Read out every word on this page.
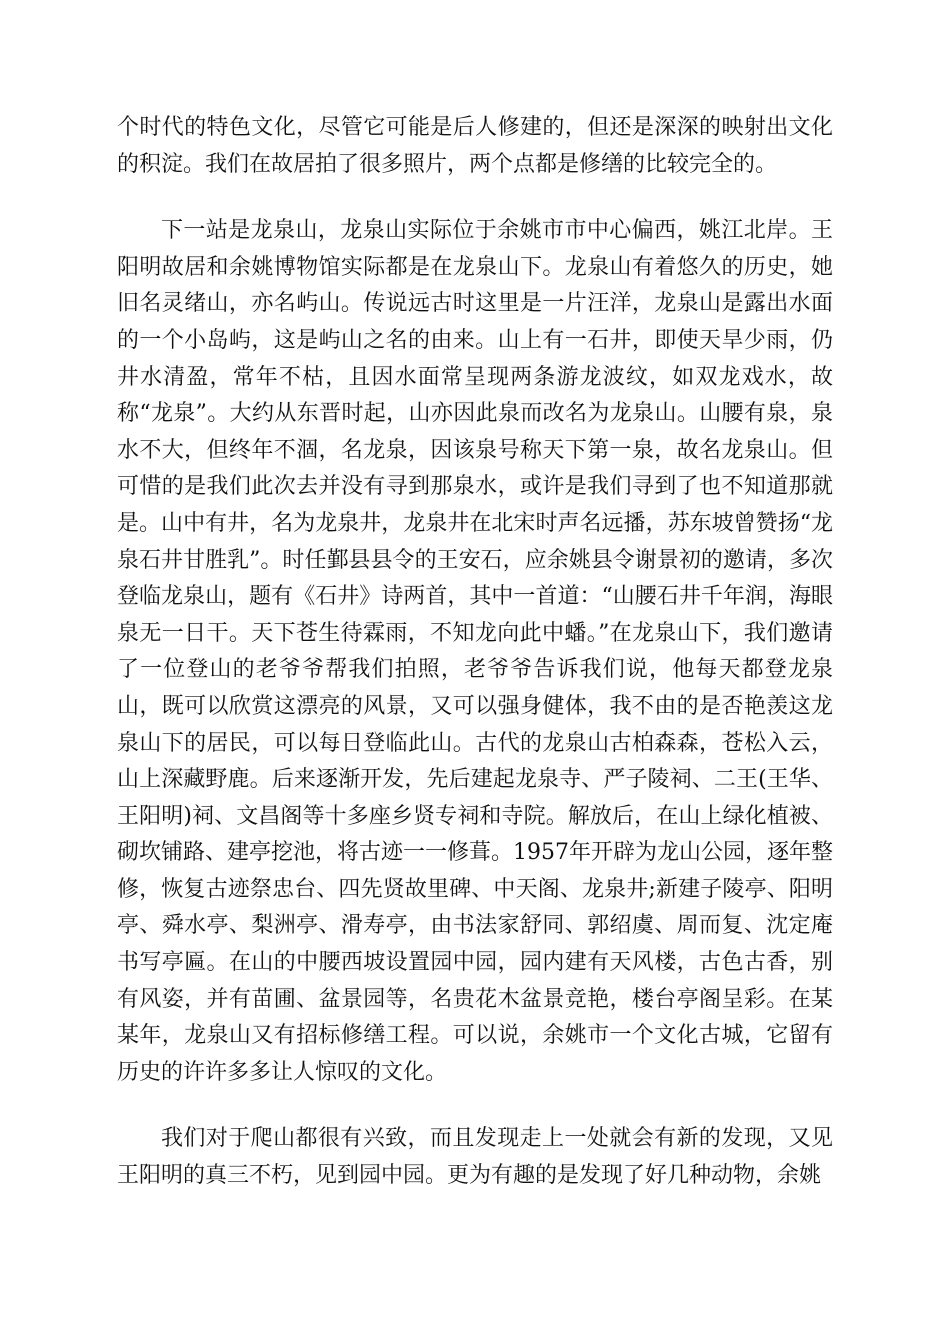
个时代的特色文化，尽管它可能是后人修建的，但还是深深的映射出文化的积淀。我们在故居拍了很多照片，两个点都是修缮的比较完全的。

下一站是龙泉山，龙泉山实际位于余姚市市中心偏西，姚江北岸。王阳明故居和余姚博物馆实际都是在龙泉山下。龙泉山有着悠久的历史，她旧名灵绪山，亦名屿山。传说远古时这里是一片汪洋，龙泉山是露出水面的一个小岛屿，这是屿山之名的由来。山上有一石井，即使天旱少雨，仍井水清盈，常年不枯，且因水面常呈现两条游龙波纹，如双龙戏水，故称“龙泉”。大约从东晋时起，山亦因此泉而改名为龙泉山。山腰有泉，泉水不大，但终年不涸，名龙泉，因该泉号称天下第一泉，故名龙泉山。但可惜的是我们此次去并没有寻到那泉水，或许是我们寻到了也不知道那就是。山中有井，名为龙泉井，龙泉井在北宋时声名远播，苏东坡曾赞扬“龙泉石井甘胜乳”。时任鄞县县令的王安石，应余姚县令谢景初的邀请，多次登临龙泉山，题有《石井》诗两首，其中一首道：“山腰石井千年润，海眼泉无一日干。天下苍生待霖雨，不知龙向此中蟠。”在龙泉山下，我们邀请了一位登山的老爷爷帮我们拍照，老爷爷告诉我们说，他每天都登龙泉山，既可以欣赏这漂亮的风景，又可以强身健体，我不由的是否艳羡这龙泉山下的居民，可以每日登临此山。古代的龙泉山古柏森森，苍松入云，山上深藏野鹿。后来逐渐开发，先后建起龙泉寺、严子陵祠、二王(王华、王阳明)祠、文昌阁等十多座乡贤专祠和寺院。解放后，在山上绿化植被、砌坎铺路、建亭挖池，将古迹一一修葺。1957年开辟为龙山公园，逐年整修，恢复古迹祭忠台、四先贤故里碑、中天阁、龙泉井;新建子陵亭、阳明亭、舜水亭、梨洲亭、滑寿亭，由书法家舒同、郭绍虞、周而复、沈定庵书写亭匾。在山的中腰西坡设置园中园，园内建有天风楼，古色古香，别有风姿，并有苗圃、盆景园等，名贵花木盆景竞艳，楼台亭阁呈彩。在某某年，龙泉山又有招标修缮工程。可以说，余姚市一个文化古城，它留有历史的许许多多让人惊叹的文化。

我们对于爬山都很有兴致，而且发现走上一处就会有新的发现，又见王阳明的真三不朽，见到园中园。更为有趣的是发现了好几种动物，余姚
